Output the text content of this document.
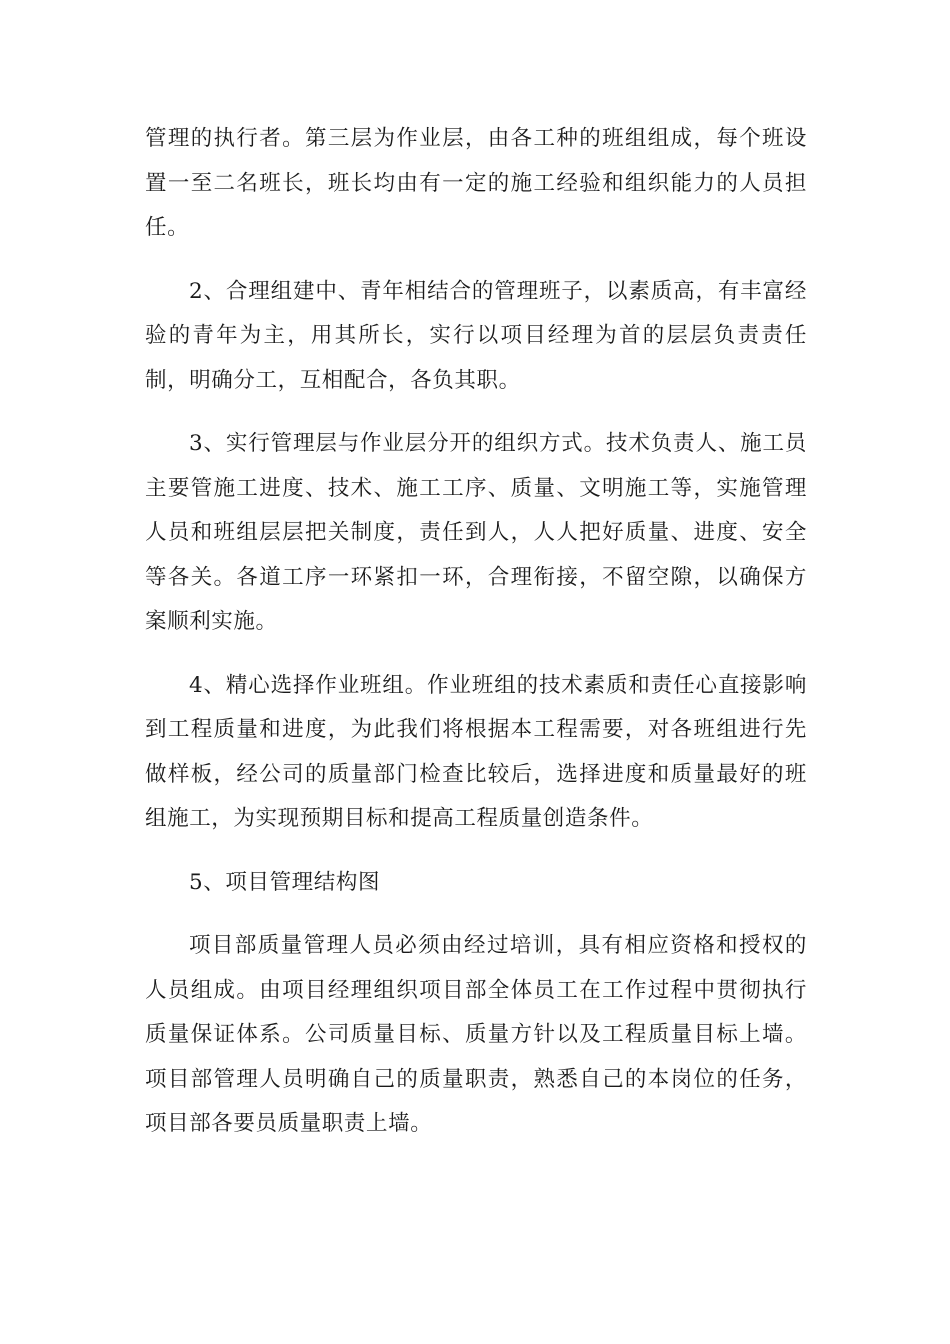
管理的执行者。第三层为作业层，由各工种的班组组成，每个班设置一至二名班长，班长均由有一定的施工经验和组织能力的人员担任。

2、合理组建中、青年相结合的管理班子，以素质高，有丰富经验的青年为主，用其所长，实行以项目经理为首的层层负责责任制，明确分工，互相配合，各负其职。

3、实行管理层与作业层分开的组织方式。技术负责人、施工员主要管施工进度、技术、施工工序、质量、文明施工等，实施管理人员和班组层层把关制度，责任到人，人人把好质量、进度、安全等各关。各道工序一环紧扣一环，合理衔接，不留空隙，以确保方案顺利实施。

4、精心选择作业班组。作业班组的技术素质和责任心直接影响到工程质量和进度，为此我们将根据本工程需要，对各班组进行先做样板，经公司的质量部门检查比较后，选择进度和质量最好的班组施工，为实现预期目标和提高工程质量创造条件。

5、项目管理结构图

项目部质量管理人员必须由经过培训，具有相应资格和授权的人员组成。由项目经理组织项目部全体员工在工作过程中贯彻执行质量保证体系。公司质量目标、质量方针以及工程质量目标上墙。项目部管理人员明确自己的质量职责，熟悉自己的本岗位的任务，项目部各要员质量职责上墙。
